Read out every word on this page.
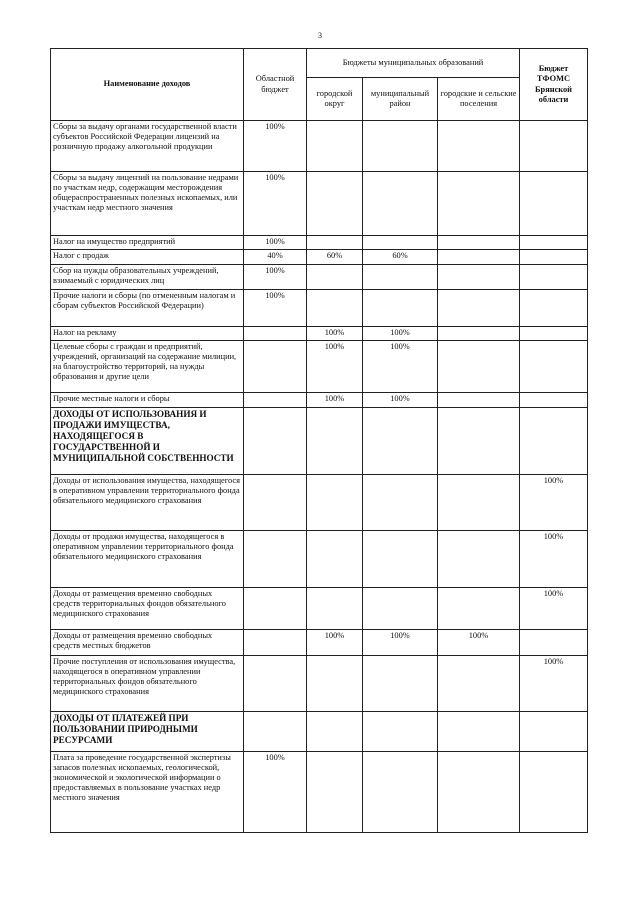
3
Наименование доходов	Областной бюджет	Бюджеты муниципальных образований			Бюджет ТФОМС Брянской области
		городской округ	муниципальный район	городские и сельские поселения	
Сборы за выдачу органами государственной власти субъектов Российской Федерации лицензий на розничную продажу алкогольной продукции	100%				
Сборы за выдачу лицензий на пользование недрами по участкам недр, содержащим месторождения общераспространенных полезных ископаемых, или участкам недр местного значения	100%				
Налог на имущество предприятий	100%				
Налог с продаж	40%	60%	60%		
Сбор на нужды образовательных учреждений, взимаемый с юридических лиц	100%				
Прочие налоги и сборы (по отмененным налогам и сборам субъектов Российской Федерации)	100%				
Налог на рекламу		100%	100%		
Целевые сборы с граждан и предприятий, учреждений, организаций на содержание милиции, на благоустройство территорий, на нужды образования и другие цели		100%	100%		
Прочие местные налоги и сборы		100%	100%		
ДОХОДЫ ОТ ИСПОЛЬЗОВАНИЯ И ПРОДАЖИ ИМУЩЕСТВА, НАХОДЯЩЕГОСЯ В ГОСУДАРСТВЕННОЙ И МУНИЦИПАЛЬНОЙ СОБСТВЕННОСТИ					
Доходы от использования имущества, находящегося в оперативном управлении территориального фонда обязательного медицинского страхования					100%
Доходы от продажи имущества, находящегося в оперативном управлении территориального фонда обязательного медицинского страхования					100%
Доходы от размещения временно свободных средств территориальных фондов обязательного медицинского страхования					100%
Доходы от размещения временно свободных средств местных бюджетов		100%	100%	100%	
Прочие поступления от использования имущества, находящегося в оперативном управлении территориальных фондов обязательного медицинского страхования					100%
ДОХОДЫ ОТ ПЛАТЕЖЕЙ ПРИ ПОЛЬЗОВАНИИ ПРИРОДНЫМИ РЕСУРСАМИ					
Плата за проведение государственной экспертизы запасов полезных ископаемых, геологической, экономической и экологической информации о предоставляемых в пользование участках недр местного значения	100%				
